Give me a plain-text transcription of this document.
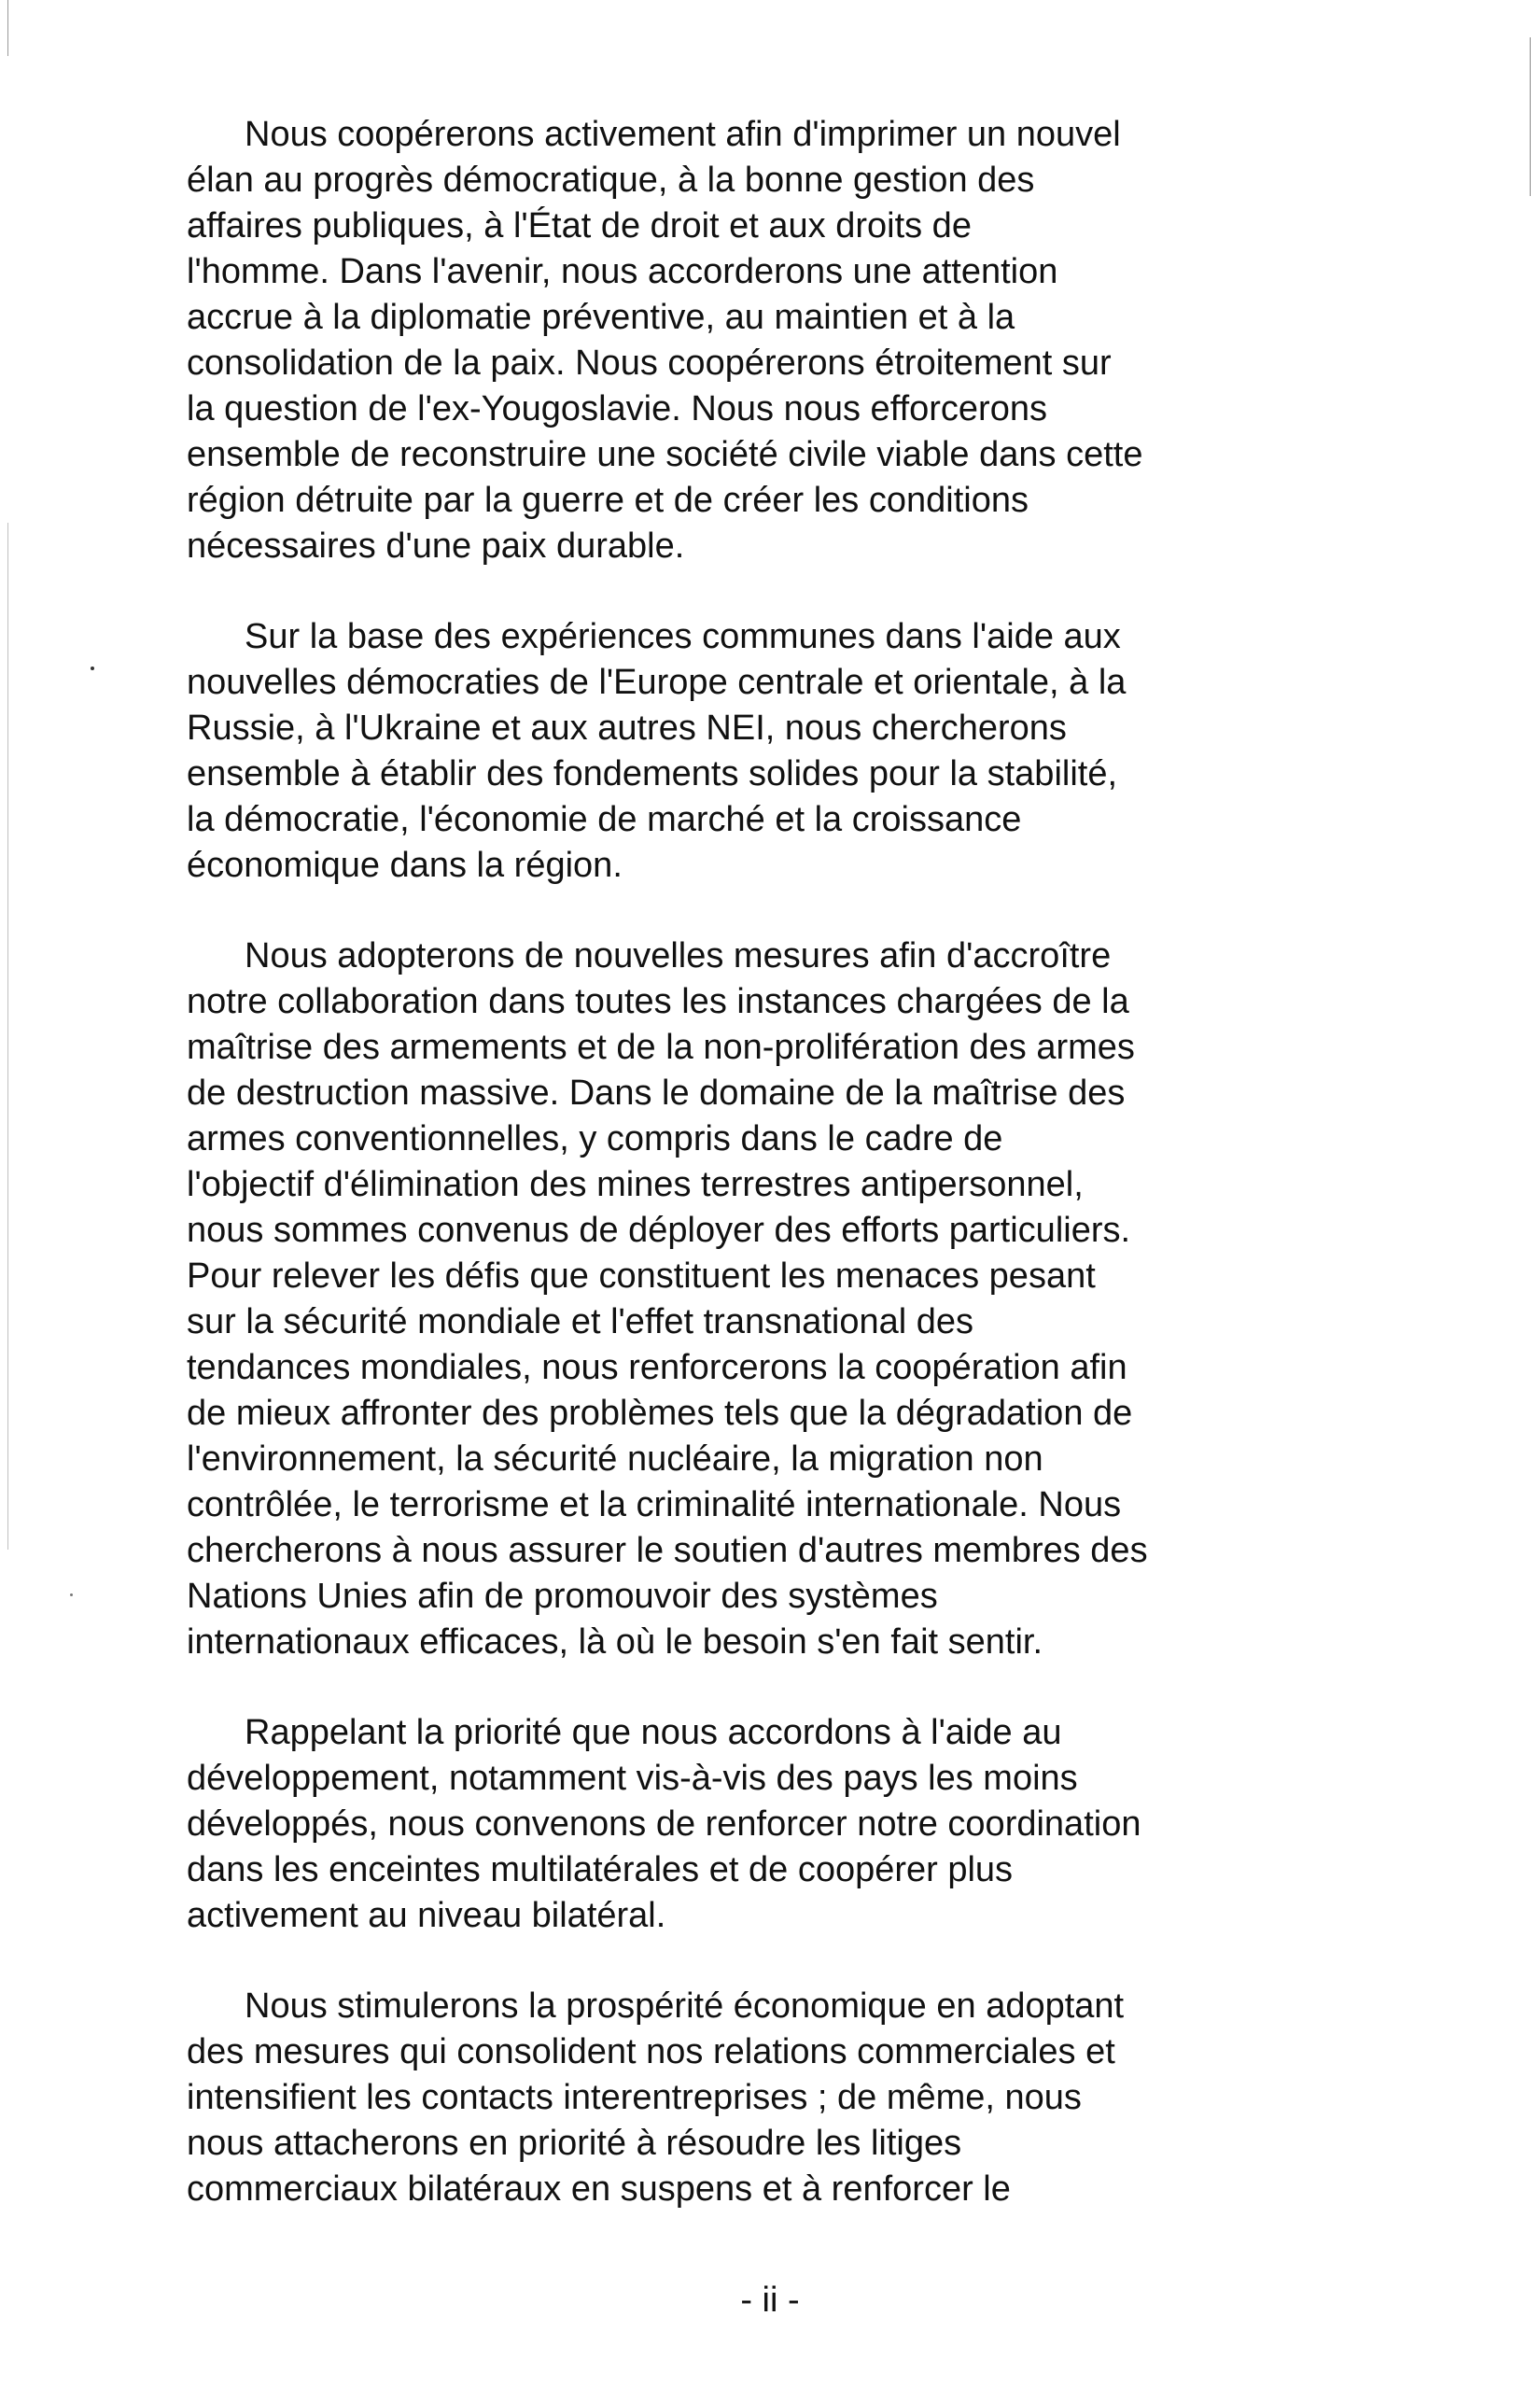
Nous coopérerons activement afin d'imprimer un nouvel
élan au progrès démocratique, à la bonne gestion des
affaires publiques, à l'État de droit et aux droits de
l'homme. Dans l'avenir, nous accorderons une attention
accrue à la diplomatie préventive, au maintien et à la
consolidation de la paix. Nous coopérerons étroitement sur
la question de l'ex-Yougoslavie. Nous nous efforcerons
ensemble de reconstruire une société civile viable dans cette
région détruite par la guerre et de créer les conditions
nécessaires d'une paix durable.

Sur la base des expériences communes dans l'aide aux
nouvelles démocraties de l'Europe centrale et orientale, à la
Russie, à l'Ukraine et aux autres NEI, nous chercherons
ensemble à établir des fondements solides pour la stabilité,
la démocratie, l'économie de marché et la croissance
économique dans la région.

Nous adopterons de nouvelles mesures afin d'accroître
notre collaboration dans toutes les instances chargées de la
maîtrise des armements et de la non-prolifération des armes
de destruction massive. Dans le domaine de la maîtrise des
armes conventionnelles, y compris dans le cadre de
l'objectif d'élimination des mines terrestres antipersonnel,
nous sommes convenus de déployer des efforts particuliers.
Pour relever les défis que constituent les menaces pesant
sur la sécurité mondiale et l'effet transnational des
tendances mondiales, nous renforcerons la coopération afin
de mieux affronter des problèmes tels que la dégradation de
l'environnement, la sécurité nucléaire, la migration non
contrôlée, le terrorisme et la criminalité internationale. Nous
chercherons à nous assurer le soutien d'autres membres des
Nations Unies afin de promouvoir des systèmes
internationaux efficaces, là où le besoin s'en fait sentir.

Rappelant la priorité que nous accordons à l'aide au
développement, notamment vis-à-vis des pays les moins
développés, nous convenons de renforcer notre coordination
dans les enceintes multilatérales et de coopérer plus
activement au niveau bilatéral.

Nous stimulerons la prospérité économique en adoptant
des mesures qui consolident nos relations commerciales et
intensifient les contacts interentreprises ; de même, nous
nous attacherons en priorité à résoudre les litiges
commerciaux bilatéraux en suspens et à renforcer le

- ii -
